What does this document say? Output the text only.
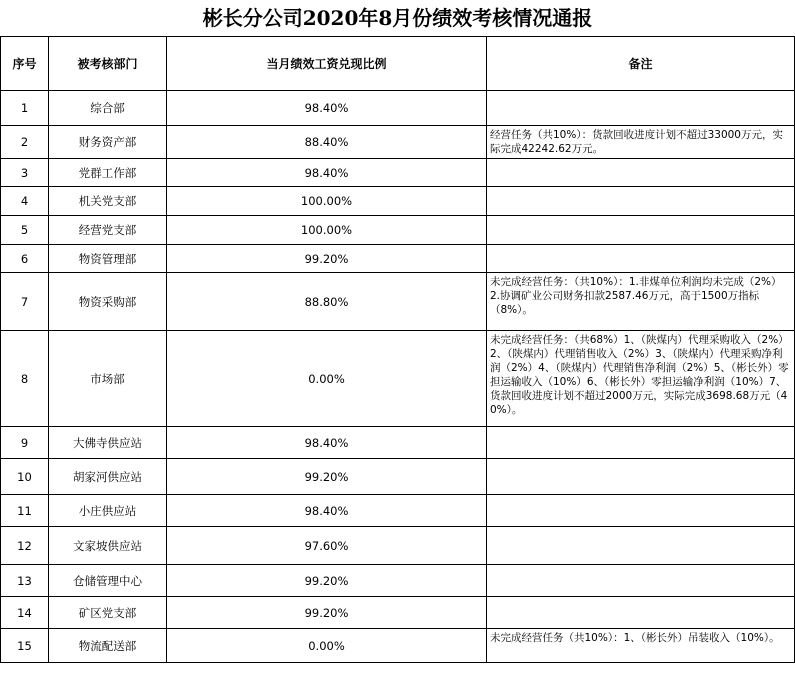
彬长分公司2020年8月份绩效考核情况通报
序号	被考核部门	当月绩效工资兑现比例	备注
1	综合部	98.40%	
2	财务资产部	88.40%	经营任务（共10%）：货款回收进度计划不超过33000万元，实际完成42242.62万元。
3	党群工作部	98.40%	
4	机关党支部	100.00%	
5	经营党支部	100.00%	
6	物资管理部	99.20%	
7	物资采购部	88.80%	未完成经营任务：（共10%）：1.非煤单位利润均未完成（2%）2.协调矿业公司财务扣款2587.46万元，高于1500万指标（8%）。
8	市场部	0.00%	未完成经营任务：（共68%）1、（陕煤内）代理采购收入（2%）2、（陕煤内）代理销售收入（2%）3、（陕煤内）代理采购净利润（2%）4、（陕煤内）代理销售净利润（2%）5、（彬长外）零担运输收入（10%）6、（彬长外）零担运输净利润（10%）7、货款回收进度计划不超过2000万元，实际完成3698.68万元（40%）。
9	大佛寺供应站	98.40%	
10	胡家河供应站	99.20%	
11	小庄供应站	98.40%	
12	文家坡供应站	97.60%	
13	仓储管理中心	99.20%	
14	矿区党支部	99.20%	
15	物流配送部	0.00%	未完成经营任务（共10%）：1、（彬长外）吊装收入（10%）。
